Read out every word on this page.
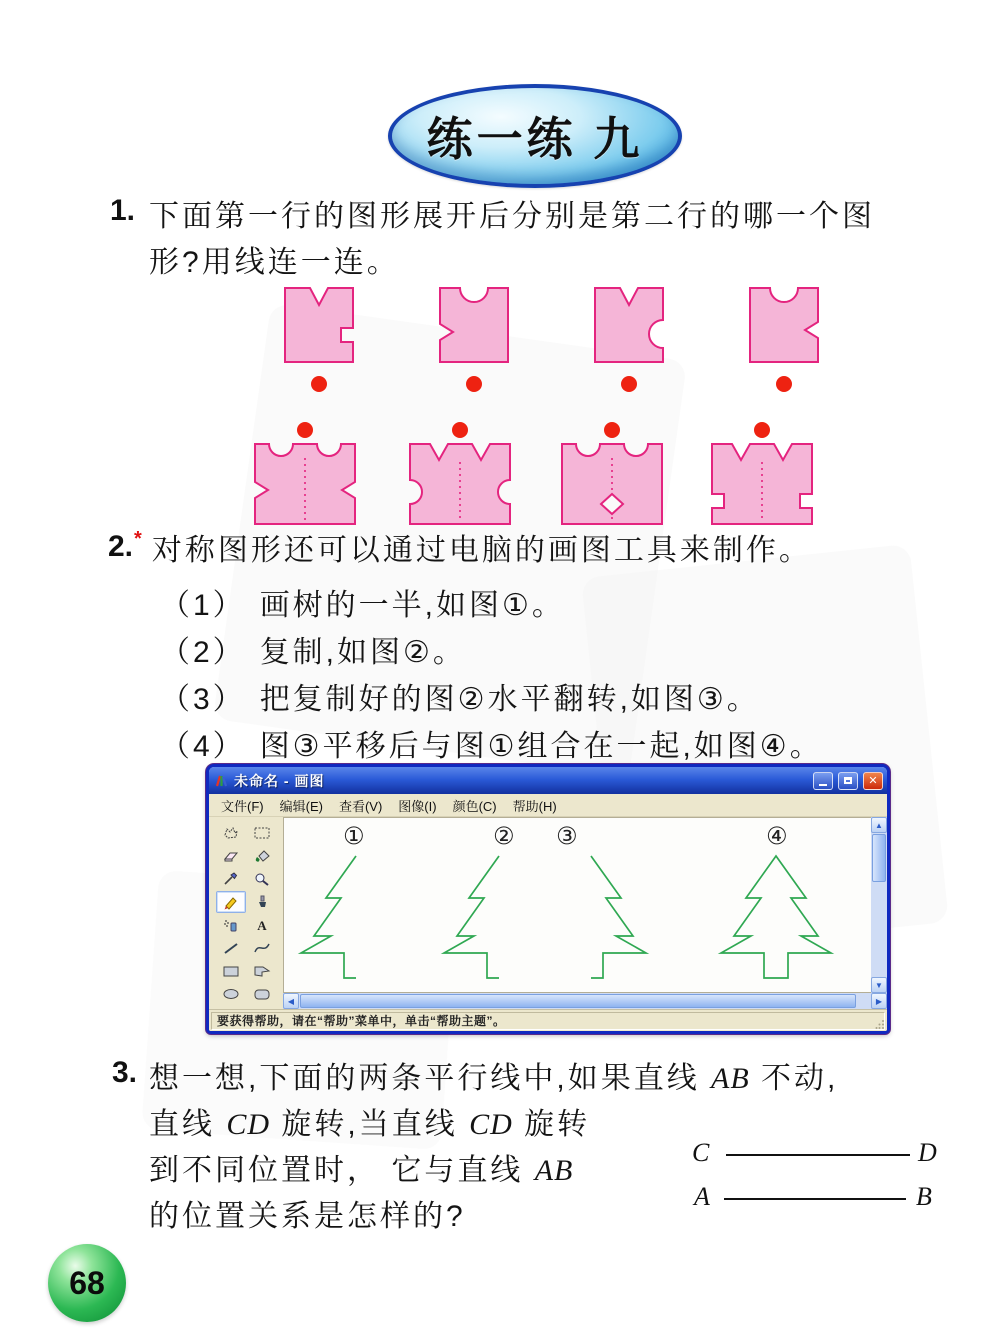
练一练 九
1. 下面第一行的图形展开后分别是第二行的哪一个图
形?用线连一连。
2.* 对称图形还可以通过电脑的画图工具来制作。
（1） 画树的一半,如图①。
（2） 复制,如图②。
（3） 把复制好的图②水平翻转,如图③。
（4） 图③平移后与图①组合在一起,如图④。
未命名 - 画图	✕
文件(F)	编辑(E)	查看(V)	图像(I)	颜色(C)	帮助(H)
A
①	② ③	④	▲
▼
◀	▶
要获得帮助，请在“帮助”菜单中，单击“帮助主题”。
3. 想一想,下面的两条平行线中,如果直线 AB 不动,
直线 CD 旋转,当直线 CD 旋转
到不同位置时， 它与直线 AB
的位置关系是怎样的?
C	D
A	B
68
